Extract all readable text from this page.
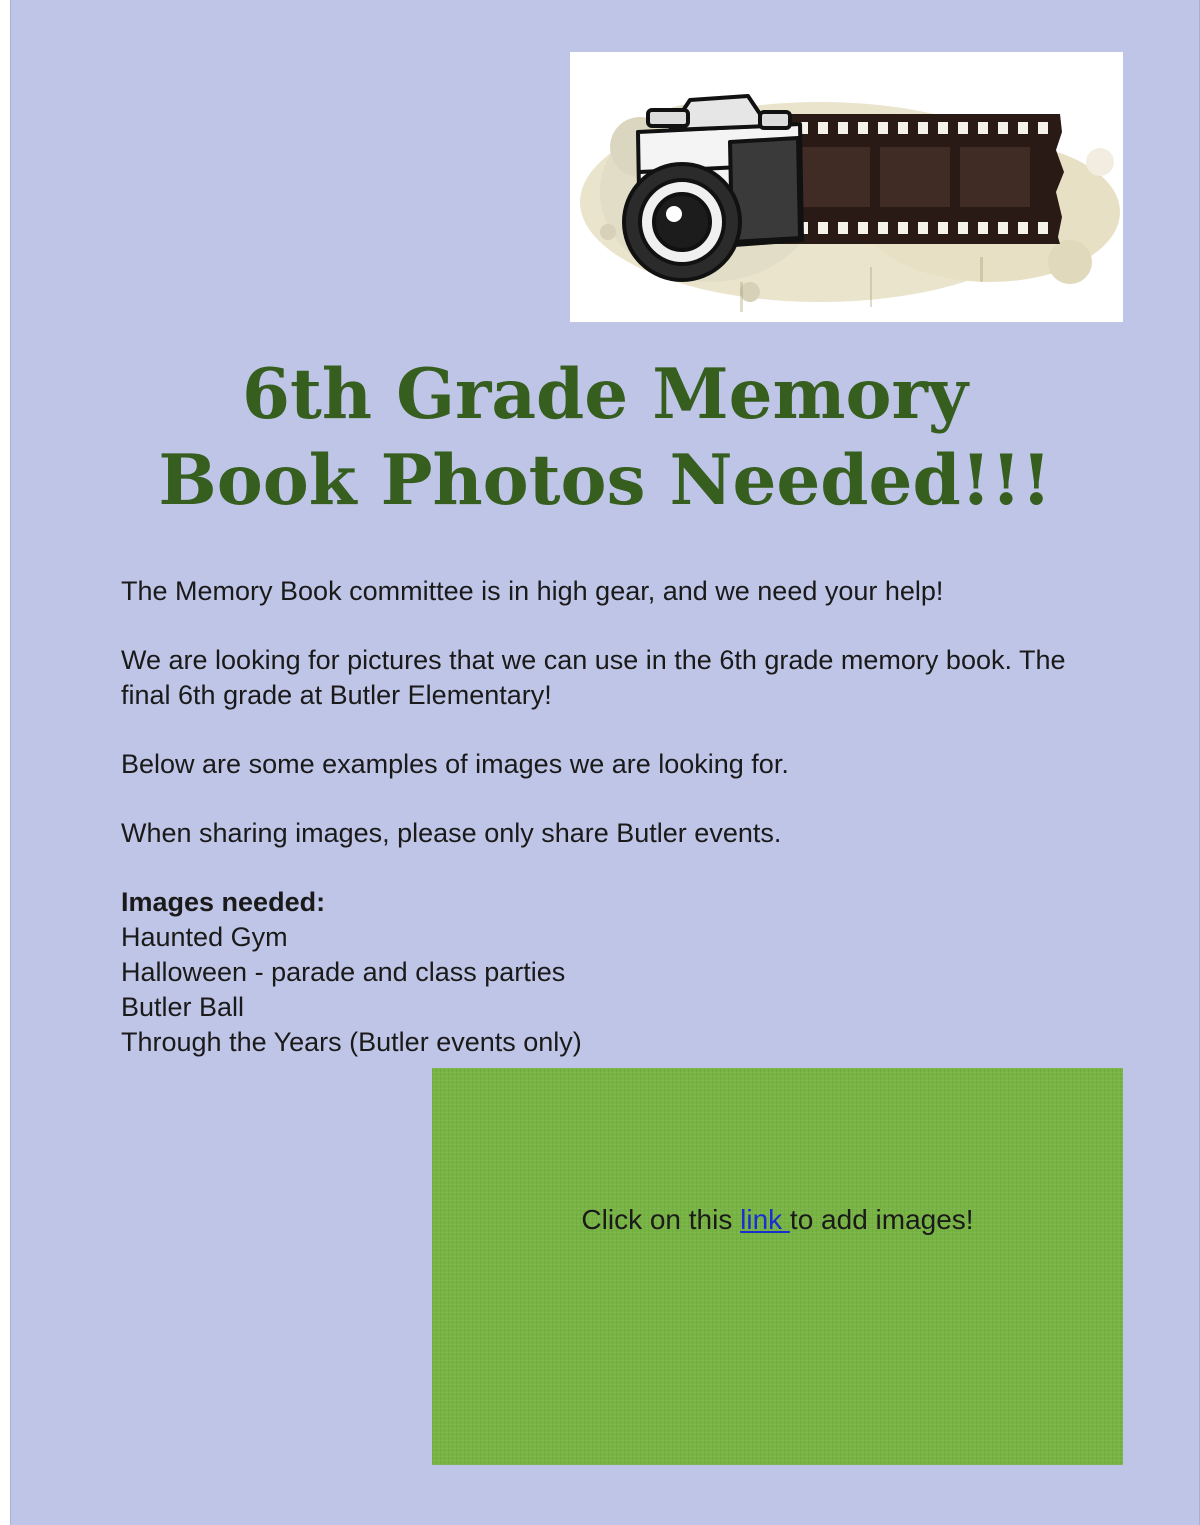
6th Grade Memory
Book Photos Needed!!!

The Memory Book committee is in high gear, and we need your help!

We are looking for pictures that we can use in the 6th grade memory book. The final 6th grade at Butler Elementary!

Below are some examples of images we are looking for.

When sharing images, please only share Butler events.

Images needed:
Haunted Gym
Halloween - parade and class parties
Butler Ball
Through the Years (Butler events only)
Click on this link to add images!
